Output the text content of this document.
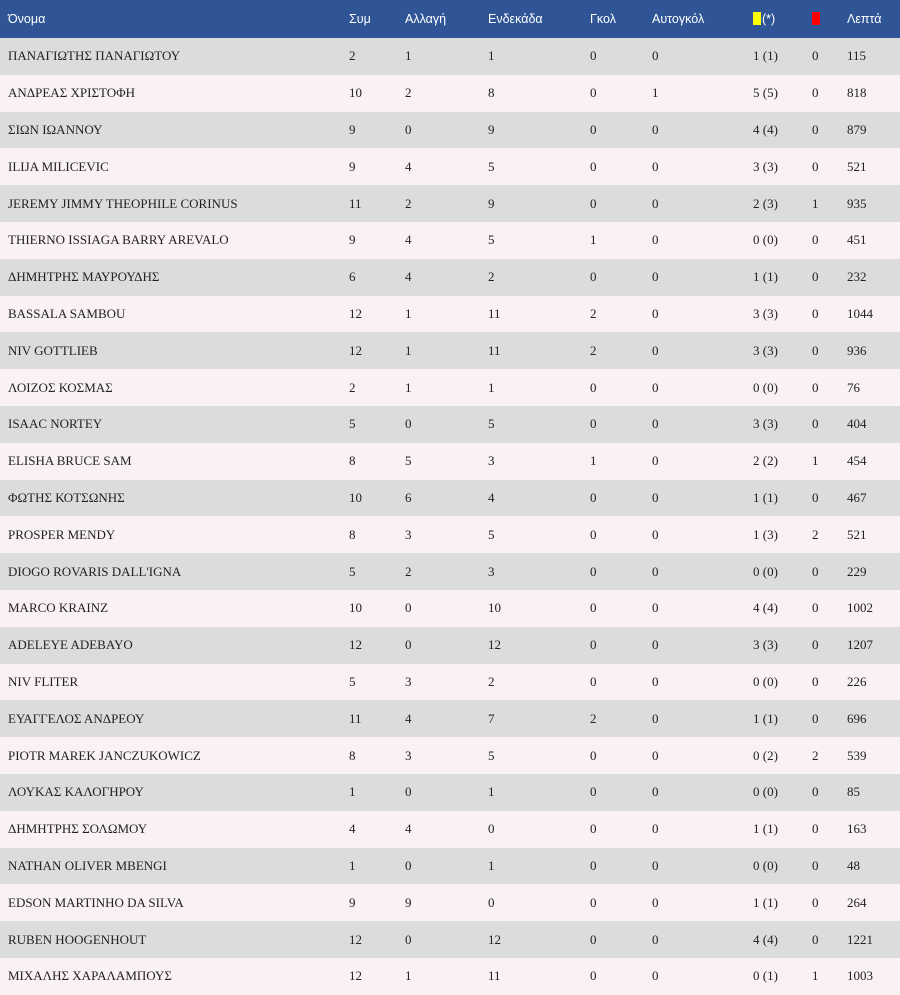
Όνομα	Συμ	Αλλαγή	Ενδεκάδα	Γκολ	Αυτογκόλ	(*)		Λεπτά
ΠΑΝΑΓΙΩΤΗΣ ΠΑΝΑΓΙΩΤΟΥ	2	1	1	0	0	1 (1)	0	115
ΑΝΔΡΕΑΣ ΧΡΙΣΤΟΦΗ	10	2	8	0	1	5 (5)	0	818
ΣΙΩΝ ΙΩΑΝΝΟΥ	9	0	9	0	0	4 (4)	0	879
ILIJA MILICEVIC	9	4	5	0	0	3 (3)	0	521
JEREMY JIMMY THEOPHILE CORINUS	11	2	9	0	0	2 (3)	1	935
THIERNO ISSIAGA BARRY AREVALO	9	4	5	1	0	0 (0)	0	451
ΔΗΜΗΤΡΗΣ ΜΑΥΡΟΥΔΗΣ	6	4	2	0	0	1 (1)	0	232
BASSALA SAMBOU	12	1	11	2	0	3 (3)	0	1044
NIV GOTTLIEB	12	1	11	2	0	3 (3)	0	936
ΛΟΙΖΟΣ ΚΟΣΜΑΣ	2	1	1	0	0	0 (0)	0	76
ISAAC NORTEY	5	0	5	0	0	3 (3)	0	404
ELISHA BRUCE SAM	8	5	3	1	0	2 (2)	1	454
ΦΩΤΗΣ ΚΟΤΣΩΝΗΣ	10	6	4	0	0	1 (1)	0	467
PROSPER MENDY	8	3	5	0	0	1 (3)	2	521
DIOGO ROVARIS DALL'IGNA	5	2	3	0	0	0 (0)	0	229
MARCO KRAINZ	10	0	10	0	0	4 (4)	0	1002
ADELEYE ADEBAYO	12	0	12	0	0	3 (3)	0	1207
NIV FLITER	5	3	2	0	0	0 (0)	0	226
ΕΥΑΓΓΕΛΟΣ ΑΝΔΡΕΟΥ	11	4	7	2	0	1 (1)	0	696
PIOTR MAREK JANCZUKOWICZ	8	3	5	0	0	0 (2)	2	539
ΛΟΥΚΑΣ ΚΑΛΟΓΗΡΟΥ	1	0	1	0	0	0 (0)	0	85
ΔΗΜΗΤΡΗΣ ΣΟΛΩΜΟΥ	4	4	0	0	0	1 (1)	0	163
NATHAN OLIVER MBENGI	1	0	1	0	0	0 (0)	0	48
EDSON MARTINHO DA SILVA	9	9	0	0	0	1 (1)	0	264
RUBEN HOOGENHOUT	12	0	12	0	0	4 (4)	0	1221
ΜΙΧΑΛΗΣ ΧΑΡΑΛΑΜΠΟΥΣ	12	1	11	0	0	0 (1)	1	1003
